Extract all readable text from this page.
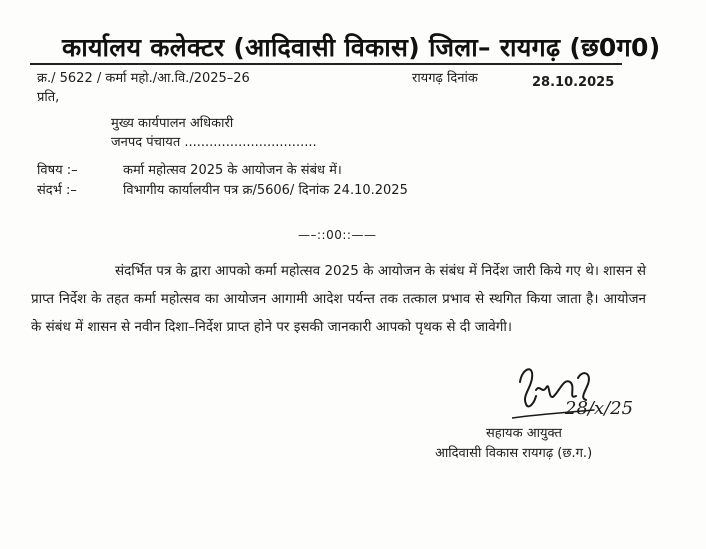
कार्यालय कलेक्टर (आदिवासी विकास) जिला– रायगढ़ (छ0ग0)
क्र./ 5622 / कर्मा महो./आ.वि./2025–26	रायगढ़ दिनांक	28.10.2025
प्रति,
मुख्य कार्यपालन अधिकारी
जनपद पंचायत ................................
विषय :–	कर्मा महोत्सव 2025 के आयोजन के संबंध में।
संदर्भ :–	विभागीय कार्यालयीन पत्र क्र/5606/ दिनांक 24.10.2025
—–::00::——
संदर्भित पत्र के द्वारा आपको कर्मा महोत्सव 2025 के आयोजन के संबंध में निर्देश जारी किये गए थे। शासन से प्राप्त निर्देश के तहत कर्मा महोत्सव का आयोजन आगामी आदेश पर्यन्त तक तत्काल प्रभाव से स्थगित किया जाता है। आयोजन के संबंध में शासन से नवीन दिशा–निर्देश प्राप्त होने पर इसकी जानकारी आपको पृथक से दी जावेगी।
28/x/25
सहायक आयुक्त
आदिवासी विकास रायगढ़ (छ.ग.)
